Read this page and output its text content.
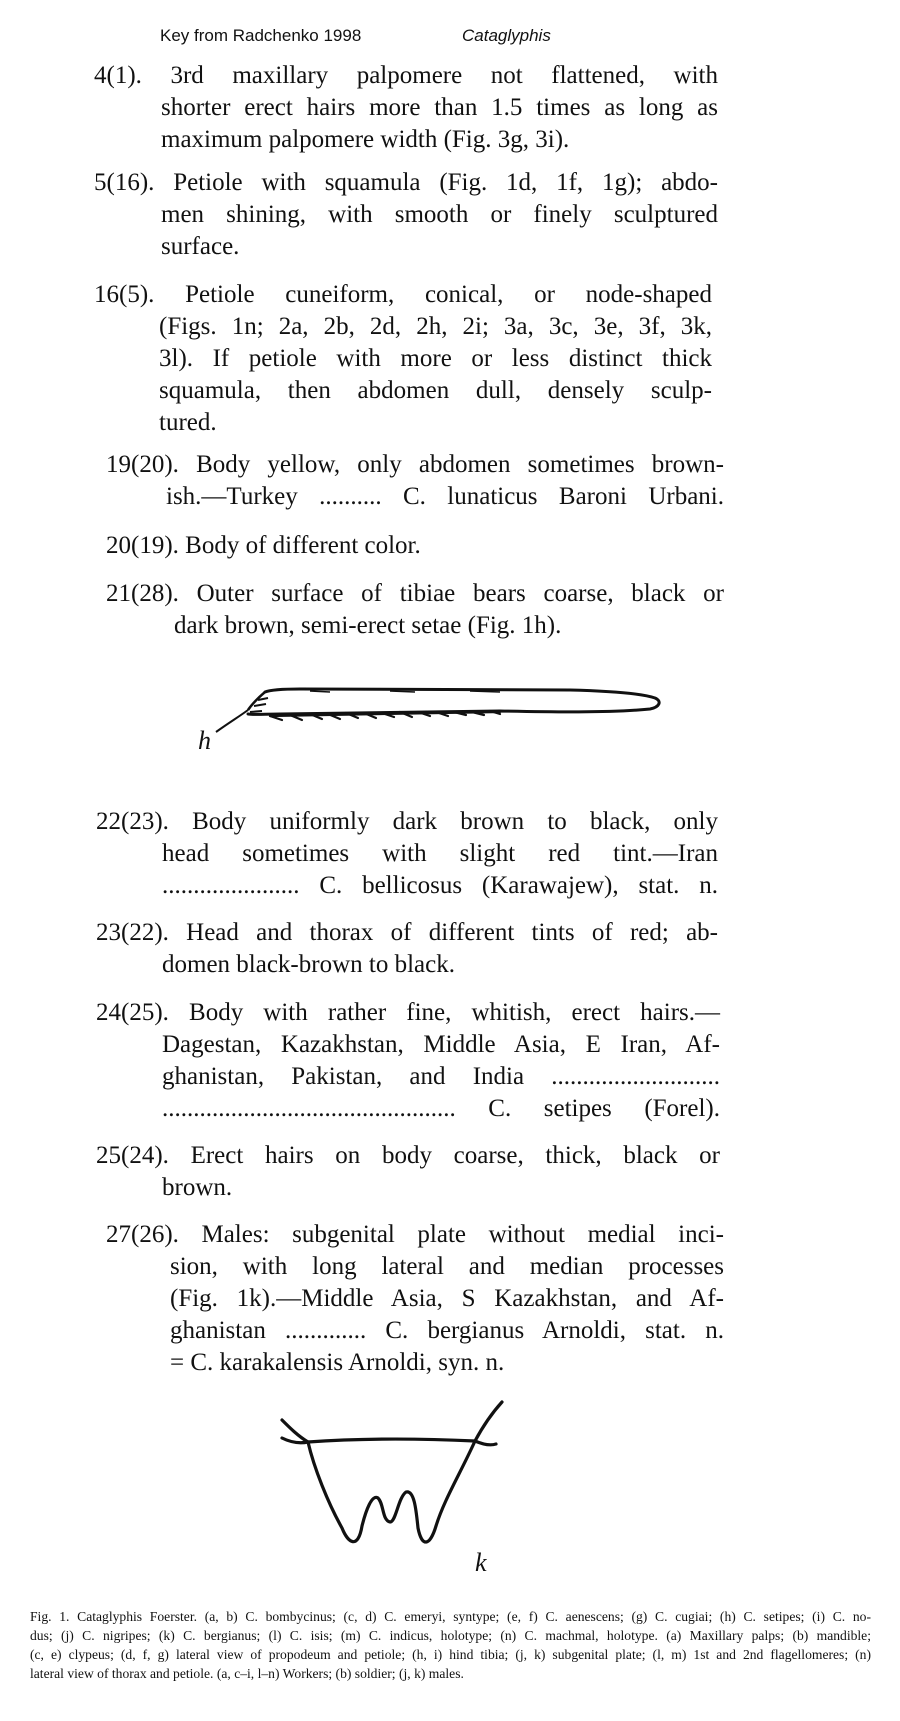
Key from Radchenko 1998	Cataglyphis
4(1). 3rd maxillary palpomere not flattened, with
shorter erect hairs more than 1.5 times as long as
maximum palpomere width (Fig. 3g, 3i).
5(16). Petiole with squamula (Fig. 1d, 1f, 1g); abdo-
men shining, with smooth or finely sculptured
surface.
16(5). Petiole cuneiform, conical, or node-shaped
(Figs. 1n; 2a, 2b, 2d, 2h, 2i; 3a, 3c, 3e, 3f, 3k,
3l). If petiole with more or less distinct thick
squamula, then abdomen dull, densely sculp-
tured.
19(20). Body yellow, only abdomen sometimes brown-
ish.—Turkey .......... C. lunaticus Baroni Urbani.
20(19). Body of different color.
21(28). Outer surface of tibiae bears coarse, black or
dark brown, semi-erect setae (Fig. 1h).
h
22(23). Body uniformly dark brown to black, only
head sometimes with slight red tint.—Iran
...................... C. bellicosus (Karawajew), stat. n.
23(22). Head and thorax of different tints of red; ab-
domen black-brown to black.
24(25). Body with rather fine, whitish, erect hairs.—
Dagestan, Kazakhstan, Middle Asia, E Iran, Af-
ghanistan, Pakistan, and India ...........................
............................................... C. setipes (Forel).
25(24). Erect hairs on body coarse, thick, black or
brown.
27(26). Males: subgenital plate without medial inci-
sion, with long lateral and median processes
(Fig. 1k).—Middle Asia, S Kazakhstan, and Af-
ghanistan ............. C. bergianus Arnoldi, stat. n.
= C. karakalensis Arnoldi, syn. n.
k
Fig. 1. Cataglyphis Foerster. (a, b) C. bombycinus; (c, d) C. emeryi, syntype; (e, f) C. aenescens; (g) C. cugiai; (h) C. setipes; (i) C. no-
dus; (j) C. nigripes; (k) C. bergianus; (l) C. isis; (m) C. indicus, holotype; (n) C. machmal, holotype. (a) Maxillary palps; (b) mandible;
(c, e) clypeus; (d, f, g) lateral view of propodeum and petiole; (h, i) hind tibia; (j, k) subgenital plate; (l, m) 1st and 2nd flagellomeres; (n)
lateral view of thorax and petiole. (a, c–i, l–n) Workers; (b) soldier; (j, k) males.
